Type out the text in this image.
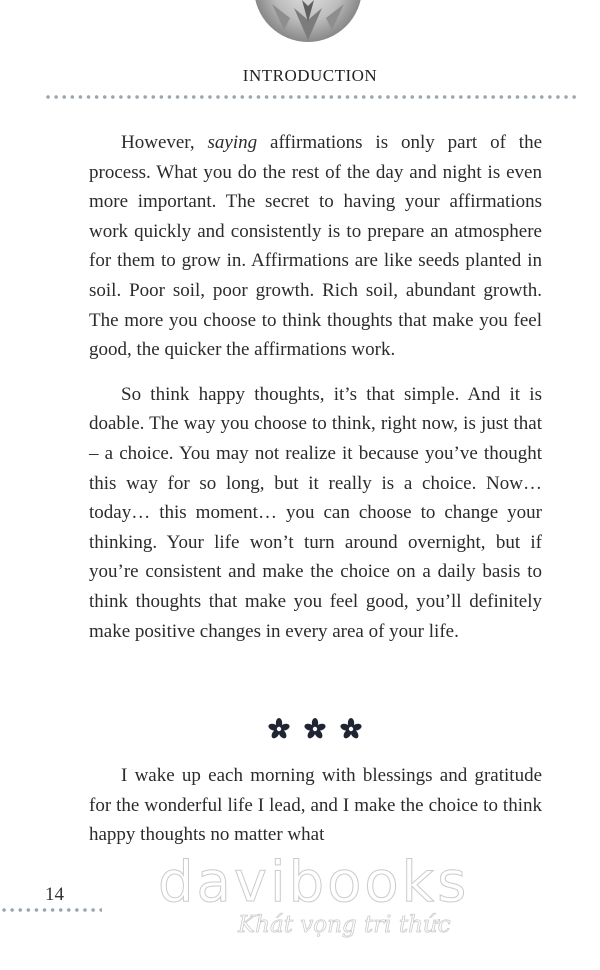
INTRODUCTION

However, saying affirmations is only part of the process. What you do the rest of the day and night is even more important. The secret to having your affirmations work quickly and consistently is to prepare an atmosphere for them to grow in. Affirmations are like seeds planted in soil. Poor soil, poor growth. Rich soil, abundant growth. The more you choose to think thoughts that make you feel good, the quicker the affirmations work.

So think happy thoughts, it’s that simple. And it is doable. The way you choose to think, right now, is just that – a choice. You may not realize it because you’ve thought this way for so long, but it really is a choice. Now… today… this moment… you can choose to change your thinking. Your life won’t turn around overnight, but if you’re consistent and make the choice on a daily basis to think thoughts that make you feel good, you’ll definitely make positive changes in every area of your life.

I wake up each morning with blessings and gratitude for the wonderful life I lead, and I make the choice to think happy thoughts no matter what

davibooks
Khát vọng tri thức
14
